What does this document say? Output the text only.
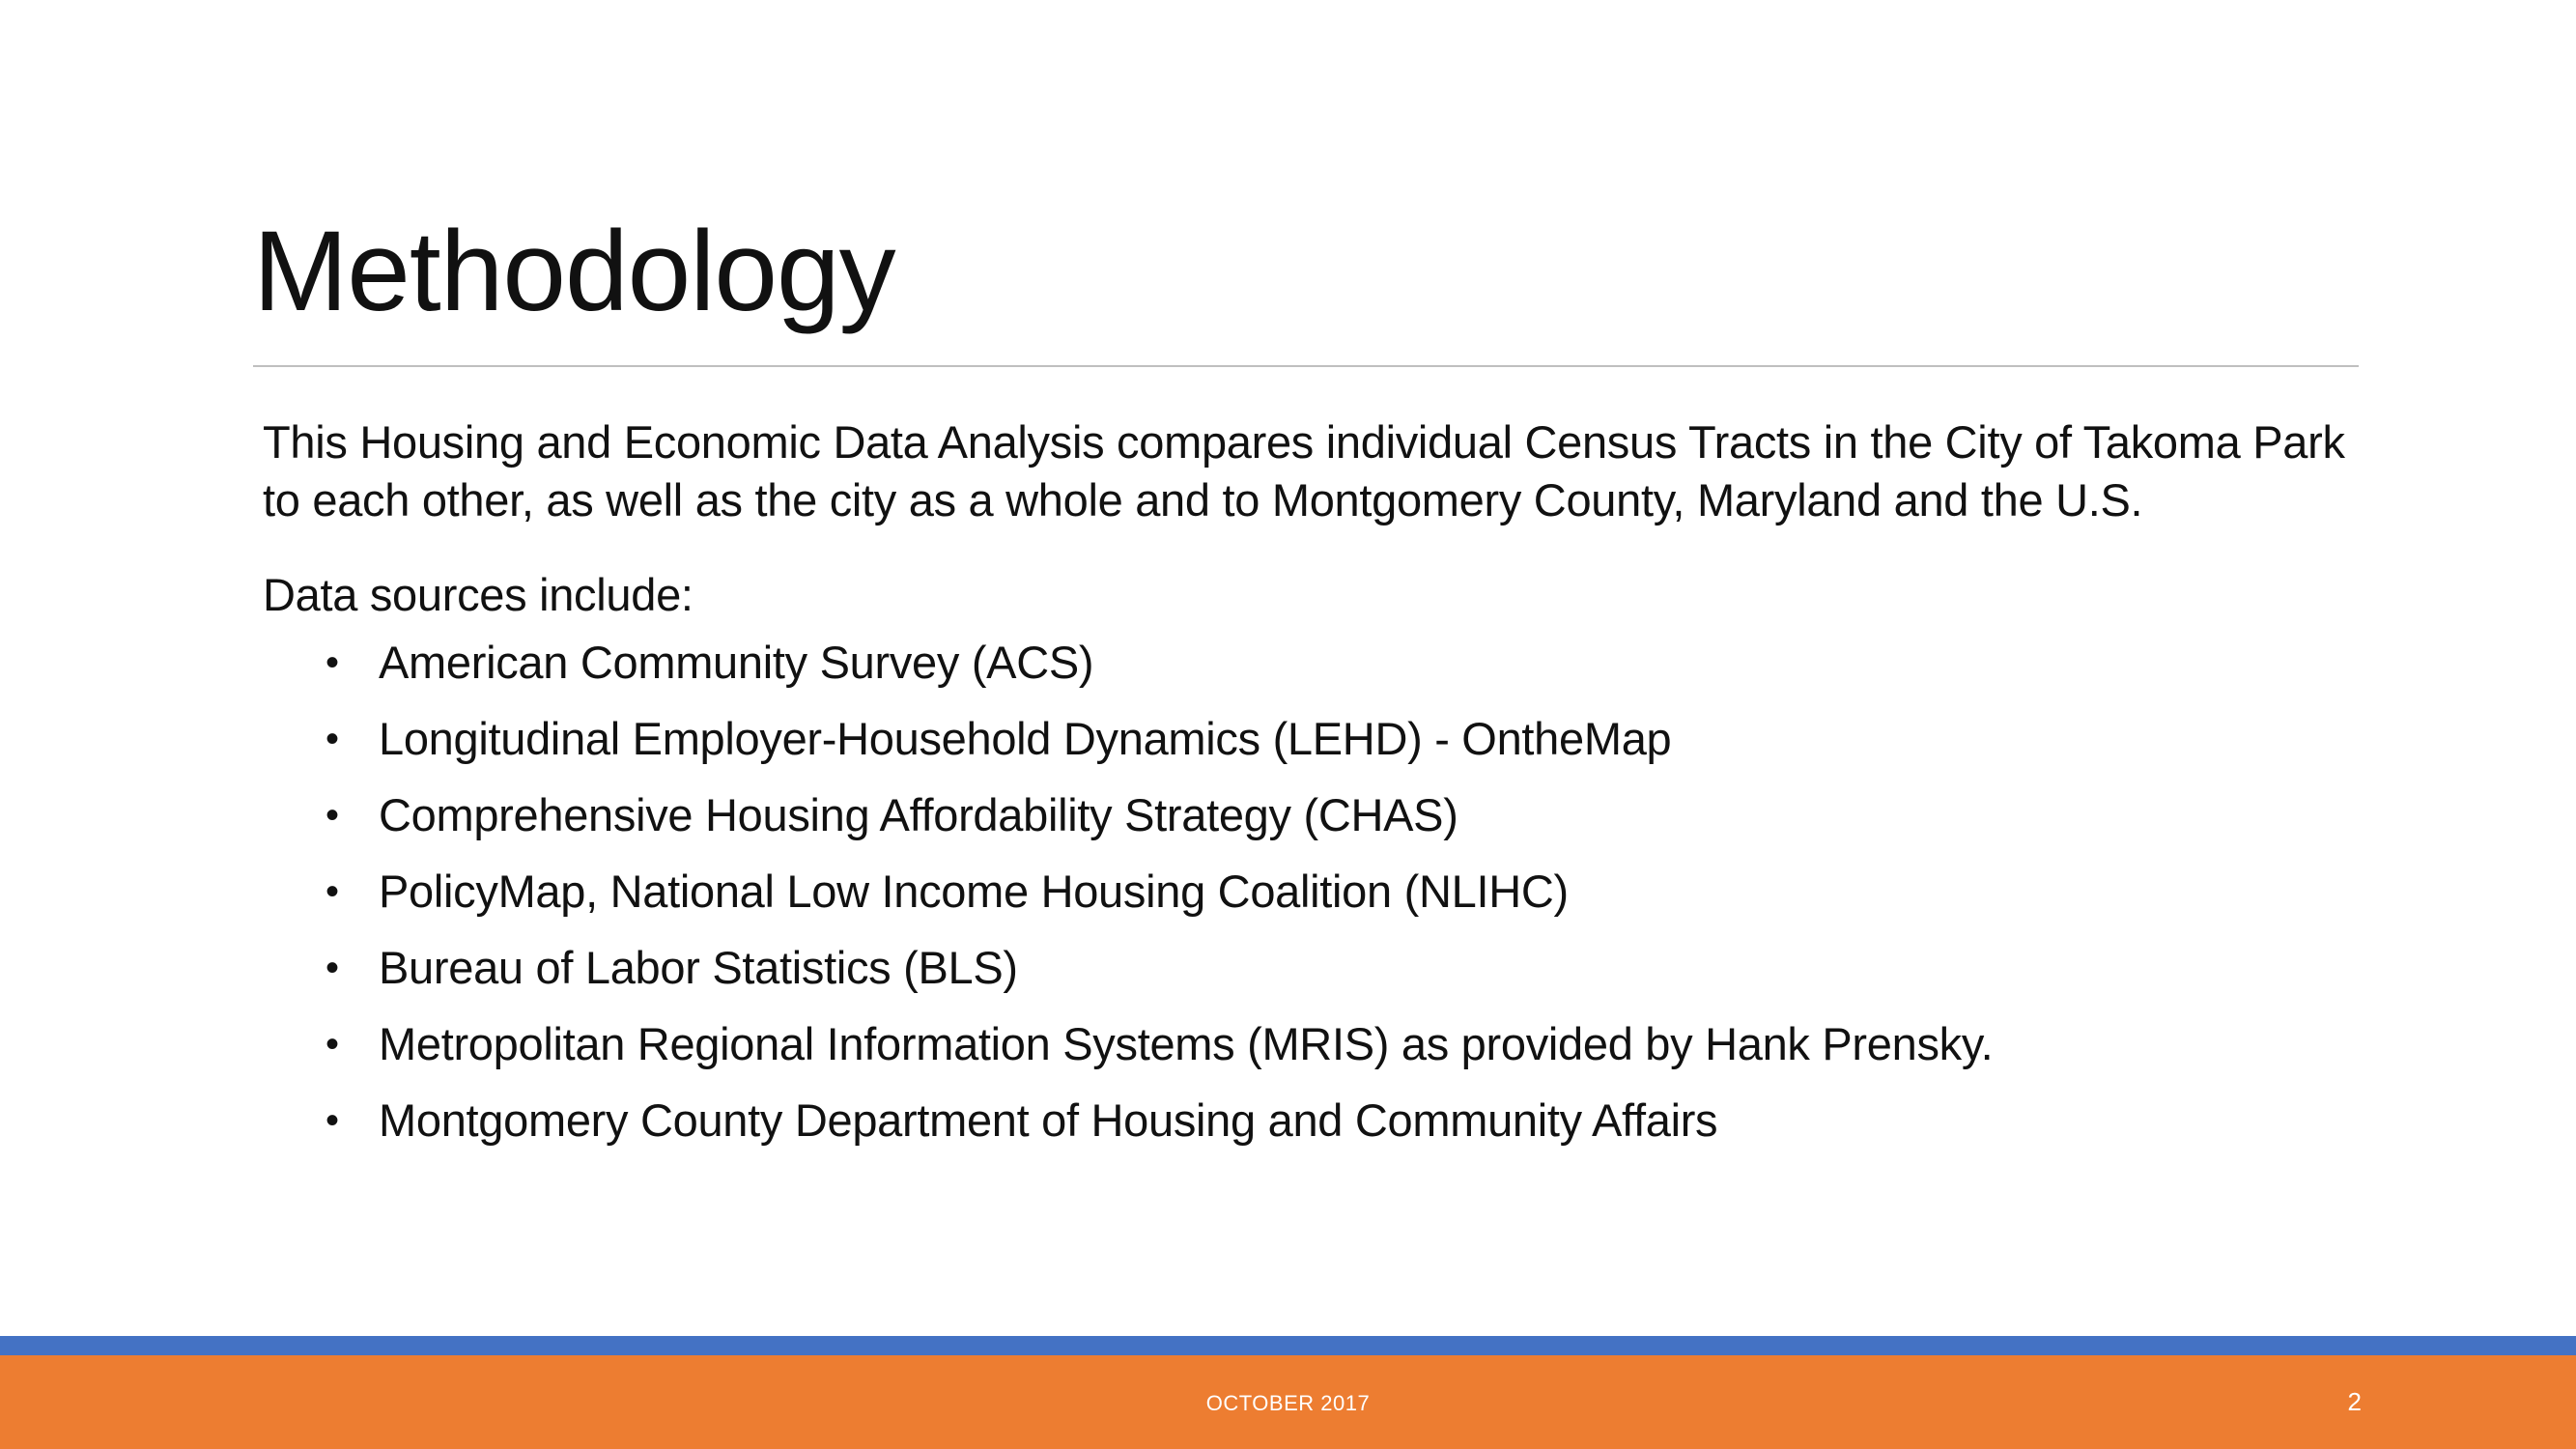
Methodology

This Housing and Economic Data Analysis compares individual Census Tracts in the City of Takoma Park to each other, as well as the city as a whole and to Montgomery County, Maryland and the U.S.

Data sources include:

• American Community Survey (ACS)
• Longitudinal Employer-Household Dynamics (LEHD) - OntheMap
• Comprehensive Housing Affordability Strategy (CHAS)
• PolicyMap, National Low Income Housing Coalition (NLIHC)
• Bureau of Labor Statistics (BLS)
• Metropolitan Regional Information Systems (MRIS) as provided by Hank Prensky.
• Montgomery County Department of Housing and Community Affairs
OCTOBER 2017	2
